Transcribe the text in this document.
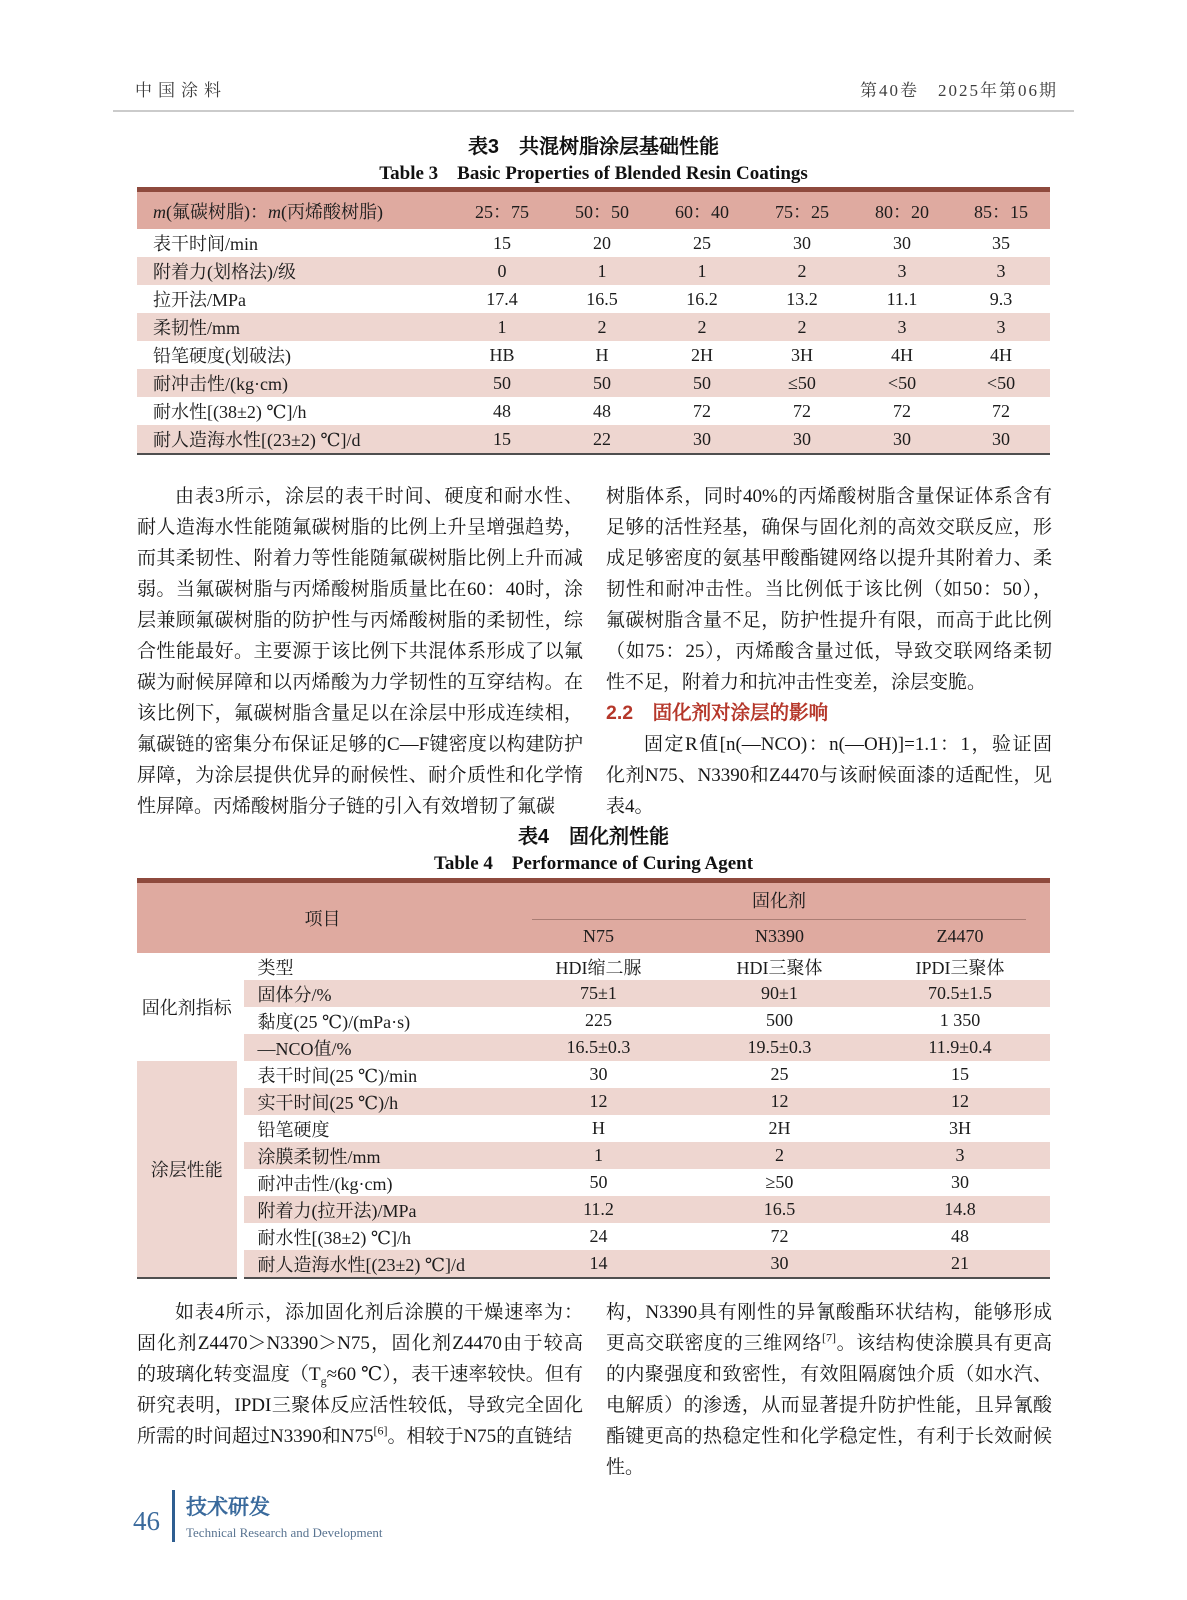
中国涂料	第40卷　2025年第06期
表3　共混树脂涂层基础性能
Table 3　Basic Properties of Blended Resin Coatings
m(氟碳树脂)：m(丙烯酸树脂)	25：75	50：50	60：40	75：25	80：20	85：15
表干时间/min	15	20	25	30	30	35
附着力(划格法)/级	0	1	1	2	3	3
拉开法/MPa	17.4	16.5	16.2	13.2	11.1	9.3
柔韧性/mm	1	2	2	2	3	3
铅笔硬度(划破法)	HB	H	2H	3H	4H	4H
耐冲击性/(kg·cm)	50	50	50	≤50	<50	<50
耐水性[(38±2) ℃]/h	48	48	72	72	72	72
耐人造海水性[(23±2) ℃]/d	15	22	30	30	30	30

由表3所示，涂层的表干时间、硬度和耐水性、耐人造海水性能随氟碳树脂的比例上升呈增强趋势，而其柔韧性、附着力等性能随氟碳树脂比例上升而减弱。当氟碳树脂与丙烯酸树脂质量比在60：40时，涂层兼顾氟碳树脂的防护性与丙烯酸树脂的柔韧性，综合性能最好。主要源于该比例下共混体系形成了以氟碳为耐候屏障和以丙烯酸为力学韧性的互穿结构。在该比例下，氟碳树脂含量足以在涂层中形成连续相，氟碳链的密集分布保证足够的C—F键密度以构建防护屏障，为涂层提供优异的耐候性、耐介质性和化学惰性屏障。丙烯酸树脂分子链的引入有效增韧了氟碳

树脂体系，同时40%的丙烯酸树脂含量保证体系含有足够的活性羟基，确保与固化剂的高效交联反应，形成足够密度的氨基甲酸酯键网络以提升其附着力、柔韧性和耐冲击性。当比例低于该比例（如50：50），氟碳树脂含量不足，防护性提升有限，而高于此比例（如75：25），丙烯酸含量过低，导致交联网络柔韧性不足，附着力和抗冲击性变差，涂层变脆。

2.2　固化剂对涂层的影响

固定R值[n(—NCO)：n(—OH)]=1.1：1，验证固化剂N75、N3390和Z4470与该耐候面漆的适配性，见表4。

表4　固化剂性能
Table 4　Performance of Curing Agent
项目		固化剂		

		N75	N3390	Z4470
固化剂指标	类型	HDI缩二脲	HDI三聚体	IPDI三聚体
	固体分/%	75±1	90±1	70.5±1.5
	黏度(25 ℃)/(mPa·s)	225	500	1 350
	—NCO值/%	16.5±0.3	19.5±0.3	11.9±0.4
涂层性能	表干时间(25 ℃)/min	30	25	15
	实干时间(25 ℃)/h	12	12	12
	铅笔硬度	H	2H	3H
	涂膜柔韧性/mm	1	2	3
	耐冲击性/(kg·cm)	50	≥50	30
	附着力(拉开法)/MPa	11.2	16.5	14.8
	耐水性[(38±2) ℃]/h	24	72	48
	耐人造海水性[(23±2) ℃]/d	14	30	21

如表4所示，添加固化剂后涂膜的干燥速率为：固化剂Z4470＞N3390＞N75，固化剂Z4470由于较高的玻璃化转变温度（$T_g\approx 60$ ℃），表干速率较快。但有研究表明，IPDI三聚体反应活性较低，导致完全固化所需的时间超过N3390和N75[6]。相较于N75的直链结

构，N3390具有刚性的异氰酸酯环状结构，能够形成更高交联密度的三维网络[7]。该结构使涂膜具有更高的内聚强度和致密性，有效阻隔腐蚀介质（如水汽、电解质）的渗透，从而显著提升防护性能，且异氰酸酯键更高的热稳定性和化学稳定性，有利于长效耐候性。

46 技术研发
Technical Research and Development
